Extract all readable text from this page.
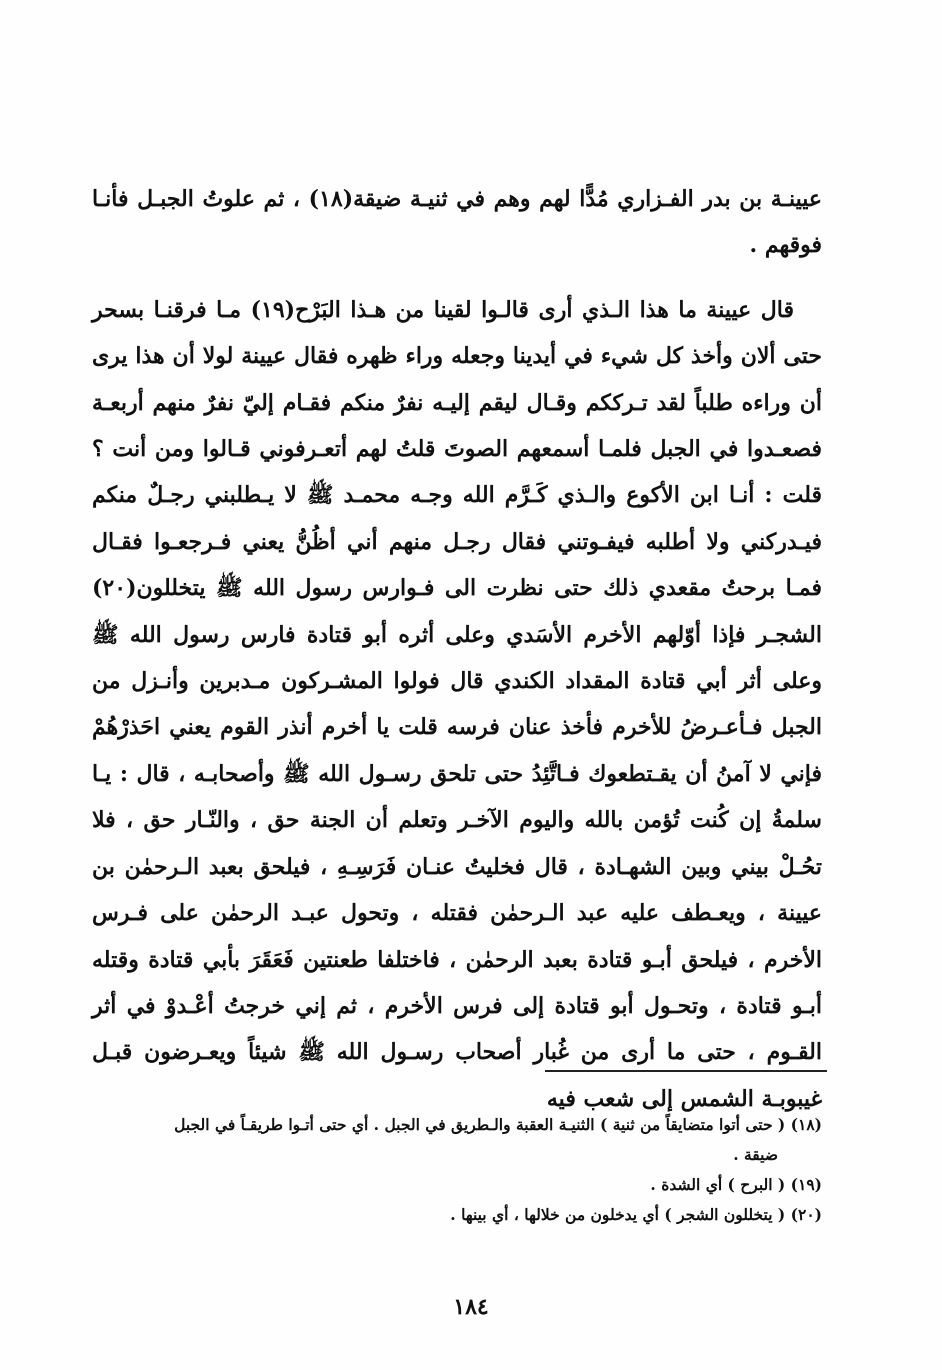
عيينـة بن بدر الفـزاري مُدًّا لهم وهم في ثنيـة ضيقة(١٨) ، ثم علوتُ الجبـل فأنـا فوقهم .

قال عيينة ما هذا الـذي أرى قالـوا لقينا من هـذا البَرْح(١٩) مـا فرقنـا بسحر حتى ألان وأخذ كل شيء في أيدينا وجعله وراء ظهره فقال عيينة لولا أن هذا يرى أن وراءه طلباً لقد تـرككم وقـال ليقم إليـه نفرٌ منكم فقـام إليّ نفرٌ منهم أربعـة فصعـدوا في الجبل فلمـا أسمعهم الصوتَ قلتُ لهم أتعـرفوني قـالوا ومن أنت ؟ قلت : أنـا ابن الأكوع والـذي كَـرَّم الله وجـه محمـد ﷺ لا يـطلبني رجـلٌ منكم فيـدركني ولا أطلبه فيفـوتني فقال رجـل منهم أني أظُنُّ يعني فـرجعـوا فقـال فمـا برحتُ مقعدي ذلك حتى نظرت الى فـوارس رسول الله ﷺ يتخللون(٢٠) الشجـر فإذا أوّلهم الأخرم الأسَدي وعلى أثره أبو قتادة فارس رسول الله ﷺ وعلى أثر أبي قتادة المقداد الكندي قال فولوا المشـركون مـدبرين وأنـزل من الجبل فـأعـرضُ للأخرم فأخذ عنان فرسه قلت يا أخرم أنذر القوم يعني احَذرْهُمْ فإني لا آمنُ أن يقـتطعوك فـاتَّئِدُ حتى تلحق رسـول الله ﷺ وأصحابـه ، قال : يـا سلمةُ إن كُنت تُؤمن بالله واليوم الآخـر وتعلم أن الجنة حق ، والنّـار حق ، فلا تحُـلْ بيني وبين الشهـادة ، قال فخليتُ عنـان فَرَسِـهِ ، فيلحق بعبد الـرحمٰن بن عيينة ، ويعـطف عليه عبد الـرحمٰن فقتله ، وتحول عبـد الرحمٰن على فـرس الأخرم ، فيلحق أبـو قتادة بعبد الرحمٰن ، فاختلفا طعنتين فَعَقَرَ بأبي قتادة وقتله أبـو قتادة ، وتحـول أبو قتادة إلى فرس الأخرم ، ثم إني خرجتُ أعْـدوْ في أثر القـوم ، حتى ما أرى من غُبار أصحاب رسـول الله ﷺ شيئاً ويعـرضون قبـل غيبوبـة الشمس إلى شعب فيه

(١٨) ( حتى أتوا متضايقاً من ثنية ) الثنيـة العقبة والـطريق في الجبل . أي حتى أتـوا طريقـاً في الجبل

ضيقة .

(١٩) ( البرح ) أي الشدة .

(٢٠) ( يتخللون الشجر ) أي يدخلون من خلالها ، أي بينها .

١٨٤
